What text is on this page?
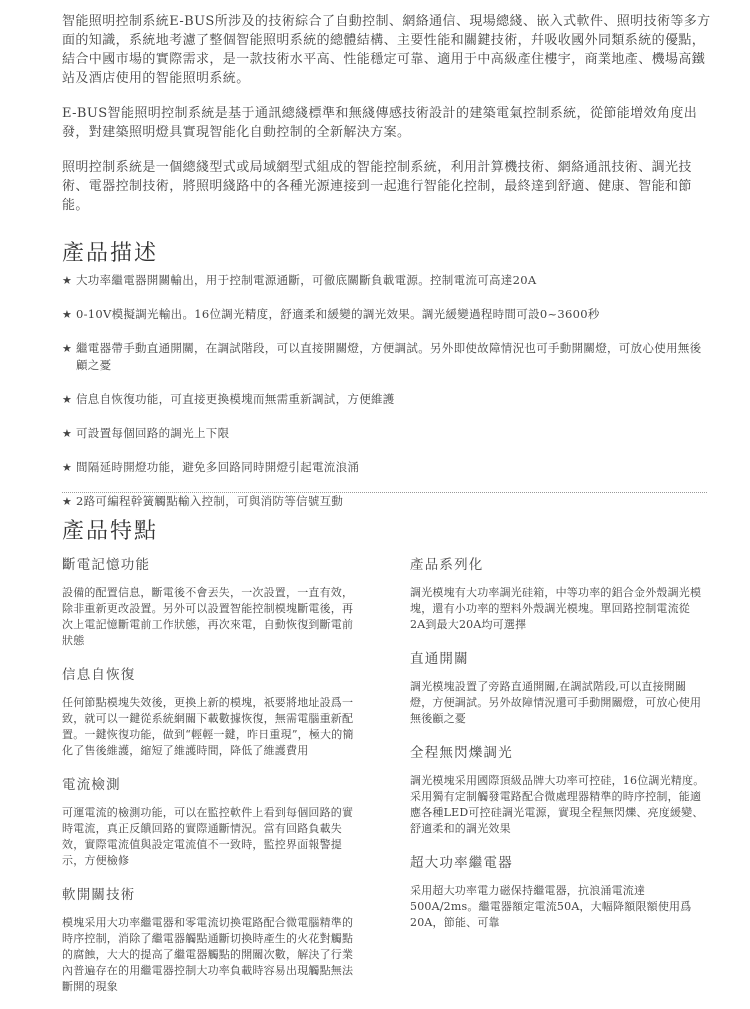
智能照明控制系統E-BUS所涉及的技術綜合了自動控制、網絡通信、現場總綫、嵌入式軟件、照明技術等多方面的知識，系統地考濾了整個智能照明系統的總體結構、主要性能和關鍵技術，幷吸收國外同類系統的優點，結合中國市場的實際需求，是一款技術水平高、性能穩定可靠、適用于中高級產住樓宇，商業地產、機場高鐵站及酒店使用的智能照明系統。

E-BUS智能照明控制系統是基于通訊總綫標準和無綫傳感技術設計的建築電氣控制系統，從節能增效角度出發，對建築照明燈具實現智能化自動控制的全新解決方案。

照明控制系統是一個總綫型式或局域網型式組成的智能控制系統，利用計算機技術、網絡通訊技術、調光技術、電器控制技術，將照明綫路中的各種光源連接到一起進行智能化控制，最終達到舒適、健康、智能和節能。

產品描述
★ 大功率繼電器開關輸出，用于控制電源通斷，可徹底關斷負載電源。控制電流可高達20A
★ 0-10V模擬調光輸出。16位調光精度，舒適柔和緩變的調光效果。調光緩變過程時間可設0~3600秒
★ 繼電器帶手動直通開關，在調試階段，可以直接開關燈，方便調試。另外即使故障情況也可手動開關燈，可放心使用無後顧之憂
★ 信息自恢復功能，可直接更換模塊而無需重新調試，方便維護
★ 可設置每個回路的調光上下限
★ 間隔延時開燈功能，避免多回路同時開燈引起電流浪涌
★ 2路可編程幹簧觸點輸入控制，可與消防等信號互動
產品特點
斷電記憶功能

設備的配置信息，斷電後不會丟失，一次設置，一直有效，除非重新更改設置。另外可以設置智能控制模塊斷電後，再次上電記憶斷電前工作狀態，再次來電，自動恢復到斷電前狀態

信息自恢復

任何節點模塊失效後，更換上新的模塊，祇要將地址設爲一致，就可以一鍵從系統網關下載數據恢復，無需電腦重新配置。一鍵恢復功能，做到“輕輕一鍵，昨日重現”，極大的簡化了售後維護，縮短了維護時間，降低了維護費用

電流檢測

可運電流的檢測功能，可以在監控軟件上看到每個回路的實時電流，真正反饋回路的實際通斷情況。當有回路負載失效，實際電流值與設定電流值不一致時，監控界面報警提示，方便檢修

軟開關技術

模塊采用大功率繼電器和零電流切換電路配合微電腦精準的時序控制，消除了繼電器觸點通斷切換時產生的火花對觸點的腐蝕，大大的提高了繼電器觸點的開關次數，解決了行業內普遍存在的用繼電器控制大功率負載時容易出現觸點無法斷開的現象

產品系列化

調光模塊有大功率調光硅箱，中等功率的鋁合金外殼調光模塊，還有小功率的塑料外殼調光模塊。單回路控制電流從2A到最大20A均可選擇

直通開關

調光模塊設置了旁路直通開關,在調試階段,可以直接開關燈，方便調試。另外故障情況還可手動開關燈，可放心使用無後顧之憂

全程無閃爍調光

調光模塊采用國際頂級品牌大功率可控硅，16位調光精度。采用獨有定制觸發電路配合微處理器精準的時序控制，能適應各種LED可控硅調光電源，實現全程無閃爍、亮度緩變、舒適柔和的調光效果

超大功率繼電器

采用超大功率電力磁保持繼電器，抗浪涌電流達500A/2ms。繼電器額定電流50A，大幅降額限額使用爲20A，節能、可靠
